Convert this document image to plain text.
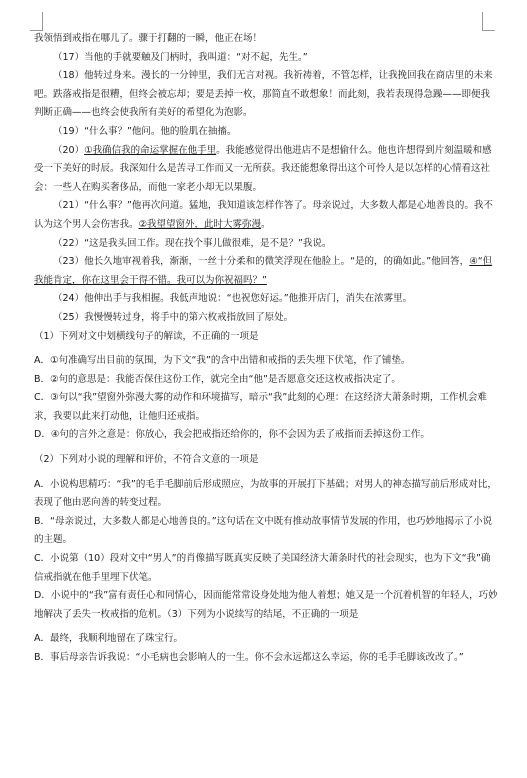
我领悟到戒指在哪儿了。骤于打翻的一瞬，他正在场！

（17）当他的手就要触及门柄时，我叫道：“对不起，先生。”

（18）他转过身来。漫长的一分钟里，我们无言对视。我祈祷着，不管怎样，让我挽回我在商店里的未来吧。跌落戒指是很糟，但终会被忘却；要是丢掉一枚，那简直不敢想象！而此刻，我若表现得急躁——即便我判断正确——也终会使我所有美好的希望化为泡影。

（19）“什么事？”他问。他的脸肌在抽搐。

（20）①我确信我的命运掌握在他手里。我能感觉得出他进店不是想偷什么。他也许想得到片刻温暖和感受一下美好的时辰。我深知什么是苦寻工作而又一无所获。我还能想象得出这个可怜人是以怎样的心情看这社会：一些人在购买奢侈品，而他一家老小却无以果腹。

（21）“什么事？”他再次问道。猛地，我知道该怎样作答了。母亲说过，大多数人都是心地善良的。我不认为这个男人会伤害我。②我望望窗外，此时大雾弥漫。

（22）“这是我头回工作。现在找个事儿做很难，是不是？”我说。

（23）他长久地审视着我，渐渐，一丝十分柔和的微笑浮现在他脸上。“是的，的确如此。”他回答，④“但我能肯定，你在这里会干得不错。我可以为你祝福吗？”

（24）他伸出手与我相握。我低声地说：“也祝您好运。”他推开店门，消失在浓雾里。

（25）我慢慢转过身，将手中的第六枚戒指放回了原处。

（1）下列对文中划横线句子的解读，不正确的一项是

A．①句准确写出目前的氛围，为下文“我”的含中出错和戒指的丢失埋下伏笔，作了铺垫。

B．②句的意思是：我能否保住这份工作，就完全由“他”是否愿意交还这枚戒指决定了。

C．③句以“我”望窗外弥漫大雾的动作和环境描写，暗示“我”此刻的心理：在这经济大萧条时期，工作机会难求，我要以此来打动他，让他归还戒指。

D．④句的言外之意是：你放心，我会把戒指还给你的，你不会因为丢了戒指而丢掉这份工作。

（2）下列对小说的理解和评价，不符合文意的一项是

A．小说构思精巧：“我”的毛手毛脚前后形成照应，为故事的开展打下基础；对男人的神态描写前后形成对比，表现了他由恶向善的转变过程。

B．“母亲说过，大多数人都是心地善良的。”这句话在文中既有推动故事情节发展的作用，也巧妙地揭示了小说的主题。

C．小说第（10）段对文中“男人”的肖像描写既真实反映了美国经济大萧条时代的社会现实，也为下文“我”确信戒指就在他手里埋下伏笔。

D．小说中的“我”富有责任心和同情心，因而能常常设身处地为他人着想；她又是一个沉着机智的年轻人，巧妙地解决了丢失一枚戒指的危机。（3）下列为小说续写的结尾，不正确的一项是

A．最终，我顺利地留在了珠宝行。

B．事后母亲告诉我说：“小毛病也会影响人的一生。你不会永远都这么幸运，你的毛手毛脚该改改了。”
